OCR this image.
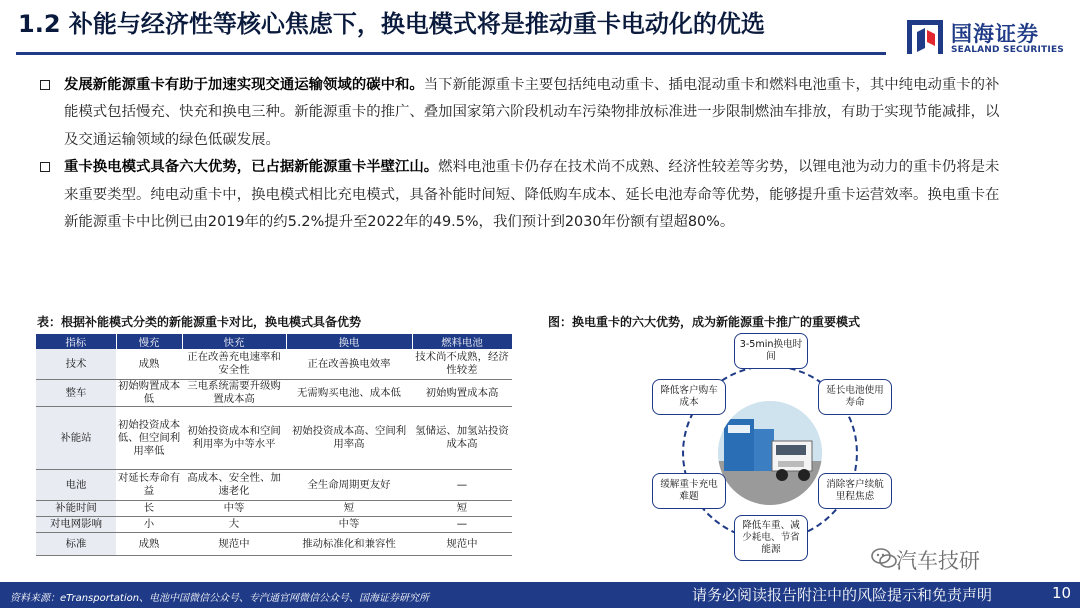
1.2 补能与经济性等核心焦虑下，换电模式将是推动重卡电动化的优选	国海证券
SEALAND SECURITIES
发展新能源重卡有助于加速实现交通运输领域的碳中和。当下新能源重卡主要包括纯电动重卡、插电混动重卡和燃料电池重卡，其中纯电动重卡的补能模式包括慢充、快充和换电三种。新能源重卡的推广、叠加国家第六阶段机动车污染物排放标准进一步限制燃油车排放，有助于实现节能减排，以及交通运输领域的绿色低碳发展。
重卡换电模式具备六大优势，已占据新能源重卡半壁江山。燃料电池重卡仍存在技术尚不成熟、经济性较差等劣势，以锂电池为动力的重卡仍将是未来重要类型。纯电动重卡中，换电模式相比充电模式，具备补能时间短、降低购车成本、延长电池寿命等优势，能够提升重卡运营效率。换电重卡在新能源重卡中比例已由2019年的约5.2%提升至2022年的49.5%，我们预计到2030年份额有望超80%。
表：根据补能模式分类的新能源重卡对比，换电模式具备优势	图：换电重卡的六大优势，成为新能源重卡推广的重要模式
指标	慢充	快充	换电	燃料电池
技术	成熟	正在改善充电速率和安全性	正在改善换电效率	技术尚不成熟，经济性较差
整车	初始购置成本低	三电系统需要升级购置成本高	无需购买电池、成本低	初始购置成本高
补能站	初始投资成本低、但空间利用率低	初始投资成本和空间利用率为中等水平	初始投资成本高、空间利用率高	氢储运、加氢站投资成本高
电池	对延长寿命有益	高成本、安全性、加速老化	全生命周期更友好	—
补能时间	长	中等	短	短
对电网影响	小	大	中等	—
标准	成熟	规范中	推动标准化和兼容性	规范中
3-5min换电时间
延长电池使用寿命
消除客户续航里程焦虑
降低车重、减少耗电、节省能源
缓解重卡充电难题
降低客户购车成本
汽车技研
资料来源：eTransportation、电池中国微信公众号、专汽通官网微信公众号、国海证券研究所	请务必阅读报告附注中的风险提示和免责声明	10
